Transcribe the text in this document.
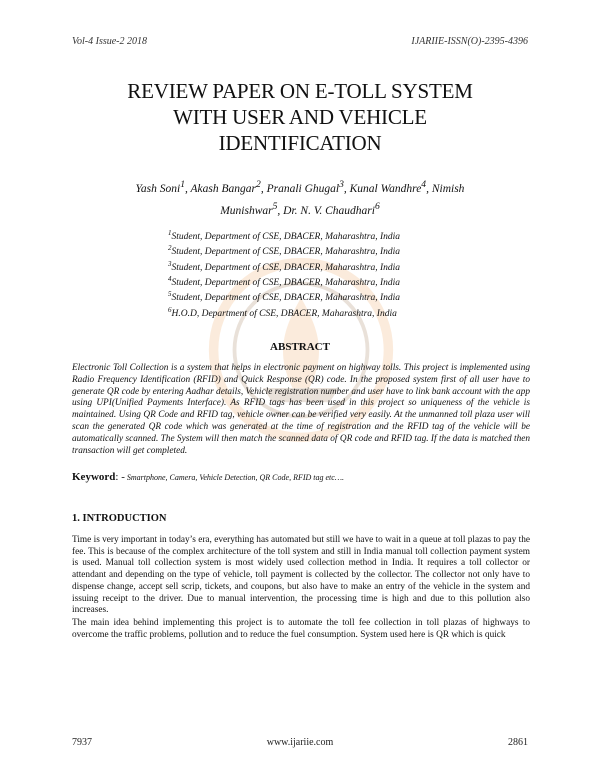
Vol-4 Issue-2 2018	IJARIIE-ISSN(O)-2395-4396
REVIEW PAPER ON E-TOLL SYSTEM
WITH USER AND VEHICLE
IDENTIFICATION
Yash Soni$^1$, Akash Bangar$^2$, Pranali Ghugal$^3$, Kunal Wandhre$^4$, Nimish Munishwar$^5$, Dr. N. V. Chaudhari$^6$
$^1$Student, Department of CSE, DBACER, Maharashtra, India
$^2$Student, Department of CSE, DBACER, Maharashtra, India
$^3$Student, Department of CSE, DBACER, Maharashtra, India
$^4$Student, Department of CSE, DBACER, Maharashtra, India
$^5$Student, Department of CSE, DBACER, Maharashtra, India
$^6$H.O.D, Department of CSE, DBACER, Maharashtra, India
ABSTRACT
Electronic Toll Collection is a system that helps in electronic payment on highway tolls. This project is implemented using Radio Frequency Identification (RFID) and Quick Response (QR) code. In the proposed system first of all user have to generate QR code by entering Aadhar details, Vehicle registration number and user have to link bank account with the app using UPI(Unified Payments Interface). As RFID tags has been used in this project so uniqueness of the vehicle is maintained. Using QR Code and RFID tag, vehicle owner can be verified very easily. At the unmanned toll plaza user will scan the generated QR code which was generated at the time of registration and the RFID tag of the vehicle will be automatically scanned. The System will then match the scanned data of QR code and RFID tag. If the data is matched then transaction will get completed.
Keyword: - Smartphone, Camera, Vehicle Detection, QR Code, RFID tag etc….
1. INTRODUCTION
Time is very important in today’s era, everything has automated but still we have to wait in a queue at toll plazas to pay the fee. This is because of the complex architecture of the toll system and still in India manual toll collection payment system is used. Manual toll collection system is most widely used collection method in India. It requires a toll collector or attendant and depending on the type of vehicle, toll payment is collected by the collector. The collector not only have to dispense change, accept sell scrip, tickets, and coupons, but also have to make an entry of the vehicle in the system and issuing receipt to the driver. Due to manual intervention, the processing time is high and due to this pollution also increases.
The main idea behind implementing this project is to automate the toll fee collection in toll plazas of highways to overcome the traffic problems, pollution and to reduce the fuel consumption. System used here is QR which is quick
7937	www.ijariie.com	2861
